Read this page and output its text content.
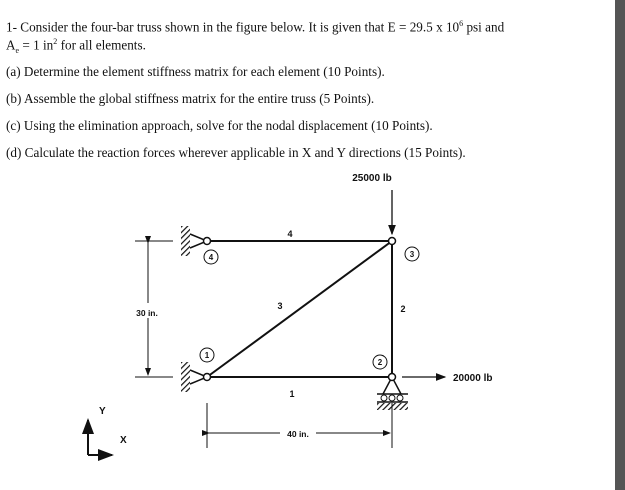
1- Consider the four-bar truss shown in the figure below. It is given that E = 29.5 x $10^6$ psi and
$A_e = 1$ $in^2$ for all elements.
(a) Determine the element stiffness matrix for each element (10 Points).
(b) Assemble the global stiffness matrix for the entire truss (5 Points).
(c) Using the elimination approach, solve for the nodal displacement (10 Points).
(d) Calculate the reaction forces wherever applicable in X and Y directions (15 Points).
4	3
1
2
4
3	2
1
25000 lb
20000 lb
30 in.
40 in.
Y
X
